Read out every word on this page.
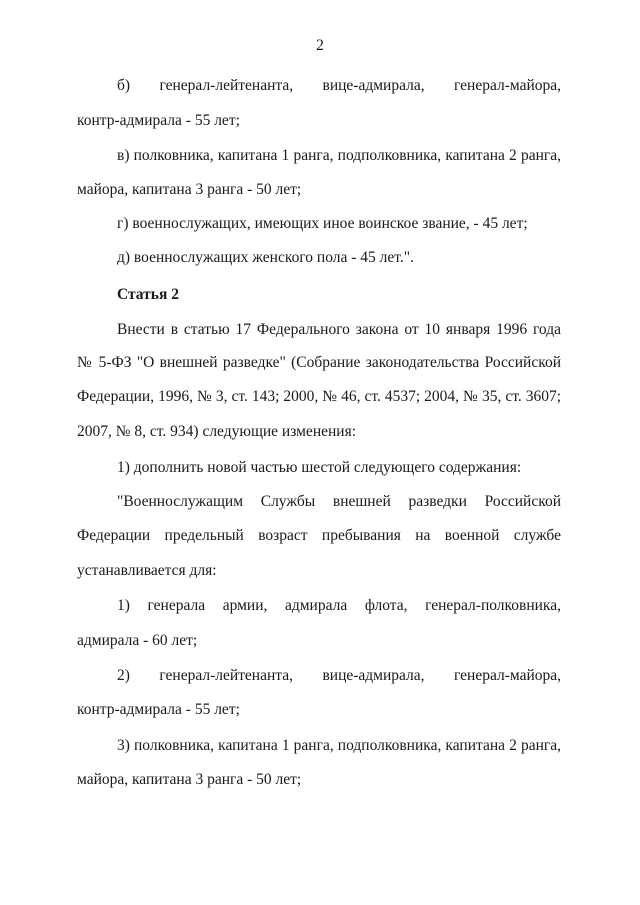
2
б) генерал-лейтенанта, вице-адмирала, генерал-майора,
контр-адмирала - 55 лет;
в) полковника, капитана 1 ранга, подполковника, капитана 2 ранга,
майора, капитана 3 ранга - 50 лет;
г) военнослужащих, имеющих иное воинское звание, - 45 лет;
д) военнослужащих женского пола - 45 лет.".
Статья 2
Внести в статью 17 Федерального закона от 10 января 1996 года
№ 5-ФЗ "О внешней разведке" (Собрание законодательства Российской
Федерации, 1996, № 3, ст. 143; 2000, № 46, ст. 4537; 2004, № 35, ст. 3607;
2007, № 8, ст. 934) следующие изменения:
1) дополнить новой частью шестой следующего содержания:
"Военнослужащим Службы внешней разведки Российской
Федерации предельный возраст пребывания на военной службе
устанавливается для:
1) генерала армии, адмирала флота, генерал-полковника,
адмирала - 60 лет;
2) генерал-лейтенанта, вице-адмирала, генерал-майора,
контр-адмирала - 55 лет;
3) полковника, капитана 1 ранга, подполковника, капитана 2 ранга,
майора, капитана 3 ранга - 50 лет;
